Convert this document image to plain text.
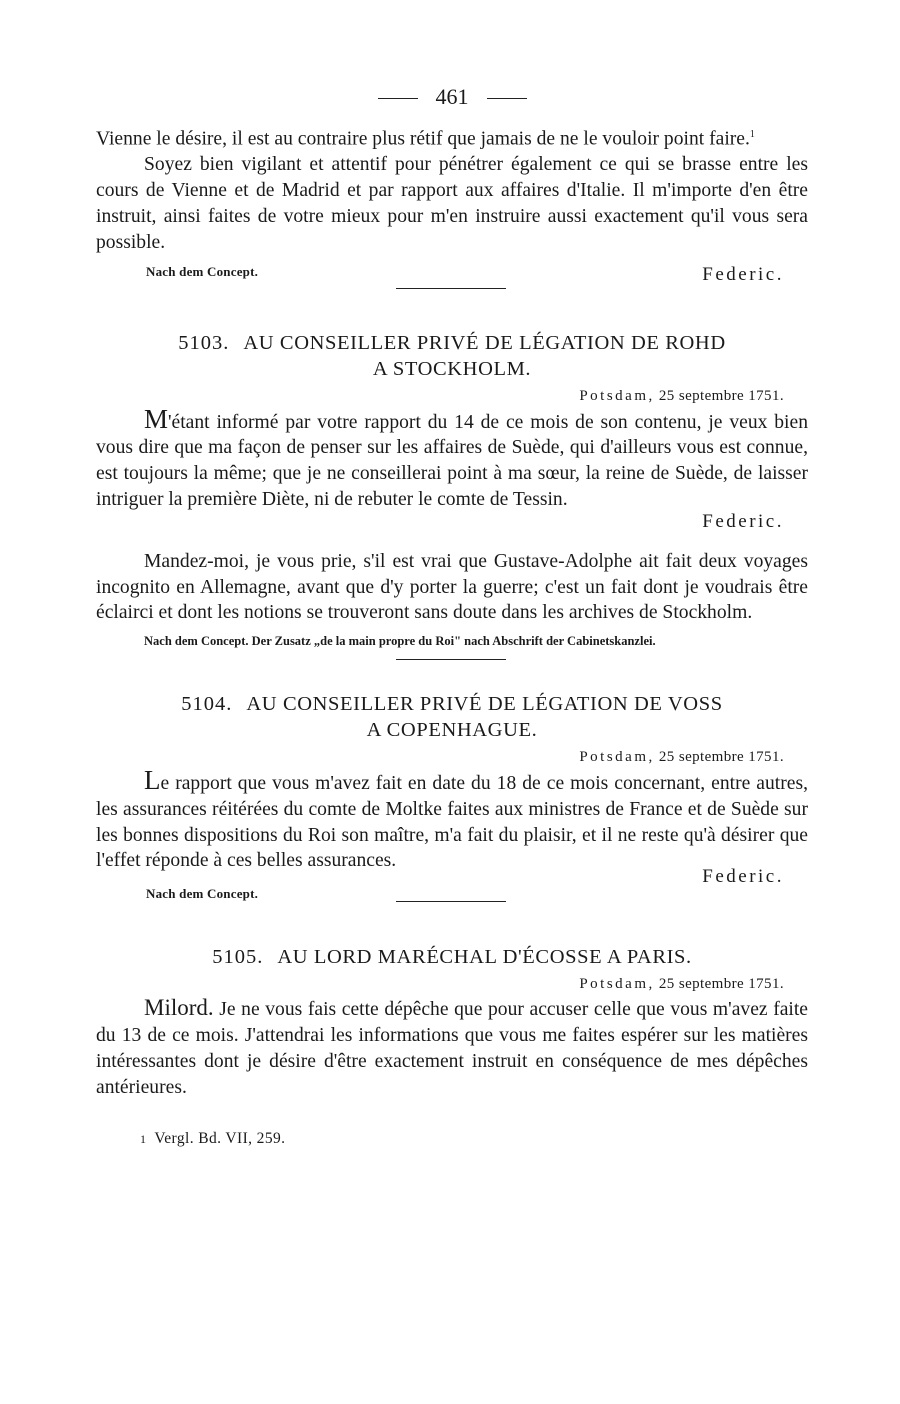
461

Vienne le désire, il est au contraire plus rétif que jamais de ne le vouloir point faire.$^1$

Soyez bien vigilant et attentif pour pénétrer également ce qui se brasse entre les cours de Vienne et de Madrid et par rapport aux affaires d'Italie. Il m'importe d'en être instruit, ainsi faites de votre mieux pour m'en instruire aussi exactement qu'il vous sera possible.

Nach dem Concept.	Federic.
5103. AU CONSEILLER PRIVÉ DE LÉGATION DE ROHD
A STOCKHOLM.
Potsdam, 25 septembre 1751.

M'étant informé par votre rapport du 14 de ce mois de son contenu, je veux bien vous dire que ma façon de penser sur les affaires de Suède, qui d'ailleurs vous est connue, est toujours la même; que je ne conseillerai point à ma sœur, la reine de Suède, de laisser intriguer la première Diète, ni de rebuter le comte de Tessin.

Federic.

Mandez-moi, je vous prie, s'il est vrai que Gustave-Adolphe ait fait deux voyages incognito en Allemagne, avant que d'y porter la guerre; c'est un fait dont je voudrais être éclairci et dont les notions se trouveront sans doute dans les archives de Stockholm.

Nach dem Concept. Der Zusatz „de la main propre du Roi" nach Abschrift der Cabinetskanzlei.

5104. AU CONSEILLER PRIVÉ DE LÉGATION DE VOSS
A COPENHAGUE.
Potsdam, 25 septembre 1751.

Le rapport que vous m'avez fait en date du 18 de ce mois concernant, entre autres, les assurances réitérées du comte de Moltke faites aux ministres de France et de Suède sur les bonnes dispositions du Roi son maître, m'a fait du plaisir, et il ne reste qu'à désirer que l'effet réponde à ces belles assurances.

Federic.
Nach dem Concept.
5105. AU LORD MARÉCHAL D'ÉCOSSE A PARIS.
Potsdam, 25 septembre 1751.

Milord. Je ne vous fais cette dépêche que pour accuser celle que vous m'avez faite du 13 de ce mois. J'attendrai les informations que vous me faites espérer sur les matières intéressantes dont je désire d'être exactement instruit en conséquence de mes dépêches antérieures.

1 Vergl. Bd. VII, 259.
